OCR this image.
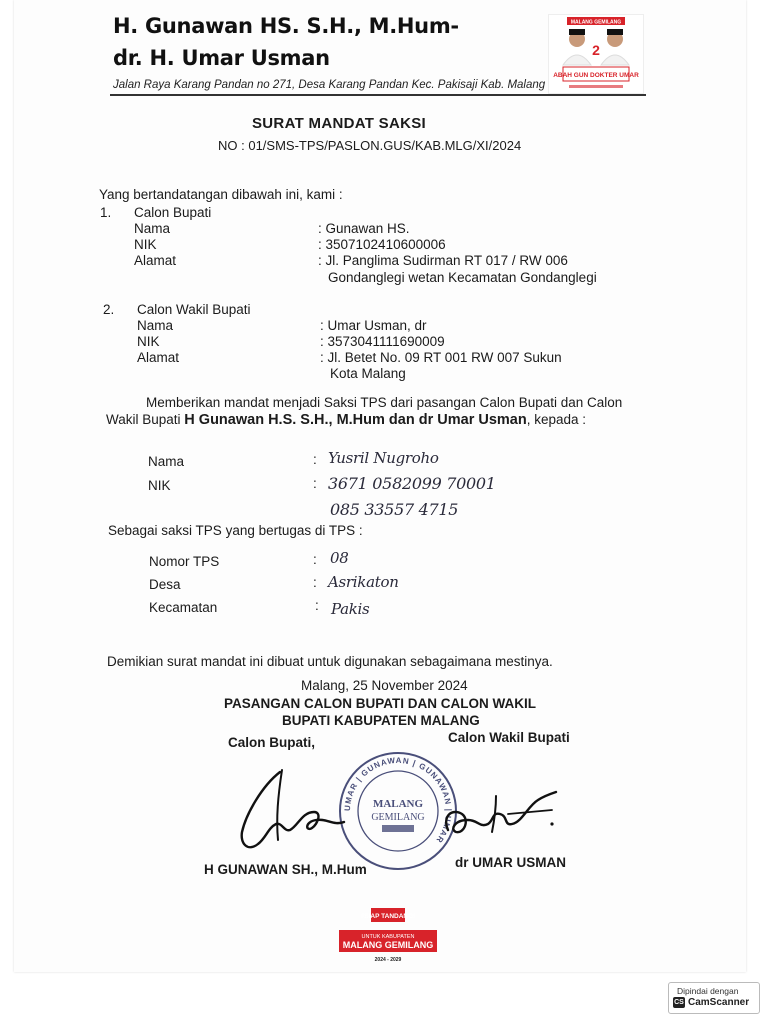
H. Gunawan HS. S.H., M.Hum-
dr. H. Umar Usman
Jalan Raya Karang Pandan no 271, Desa Karang Pandan Kec. Pakisaji Kab. Malang
MALANG GEMILANG
2
ABAH GUN DOKTER UMAR
SURAT MANDAT SAKSI
NO : 01/SMS-TPS/PASLON.GUS/KAB.MLG/XI/2024
Yang bertandatangan dibawah ini, kami :
1. Calon Bupati
Nama	: Gunawan HS.
NIK	: 3507102410600006
Alamat	: Jl. Panglima Sudirman RT 017 / RW 006
Gondanglegi wetan Kecamatan Gondanglegi
2. Calon Wakil Bupati
Nama	: Umar Usman, dr
NIK	: 3573041111690009
Alamat	: Jl. Betet No. 09 RT 001 RW 007 Sukun
Kota Malang
Memberikan mandat menjadi Saksi TPS dari pasangan Calon Bupati dan Calon
Wakil Bupati H Gunawan H.S. S.H., M.Hum dan dr Umar Usman, kepada :
Nama	: Yusril Nugroho
NIK	: 3671 0582099 70001
085 33557 4715
Sebagai saksi TPS yang bertugas di TPS :
Nomor TPS	: 08
Desa	: Asrikaton
Kecamatan	: Pakis
Demikian surat mandat ini dibuat untuk digunakan sebagaimana mestinya.
Malang, 25 November 2024
PASANGAN CALON BUPATI DAN CALON WAKIL
BUPATI KABUPATEN MALANG
Calon Bupati,	Calon Wakil Bupati
UMAR | GUNAWAN | GUNAWAN | UMAR
MALANG
GEMILANG
H GUNAWAN SH., M.Hum	dr UMAR USMAN
#SIAP TANDANG!
UNTUK KABUPATEN
MALANG GEMILANG
2024 - 2029
Dipindai dengan
CS CamScanner
